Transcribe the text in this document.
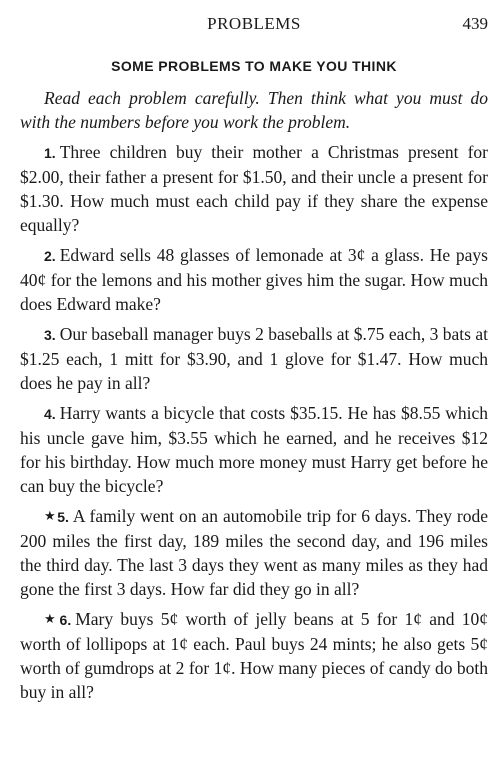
PROBLEMS	439
SOME PROBLEMS TO MAKE YOU THINK

Read each problem carefully. Then think what you must do with the numbers before you work the problem.

1. Three children buy their mother a Christmas present for $2.00, their father a present for $1.50, and their uncle a present for $1.30. How much must each child pay if they share the expense equally?

2. Edward sells 48 glasses of lemonade at 3¢ a glass. He pays 40¢ for the lemons and his mother gives him the sugar. How much does Edward make?

3. Our baseball manager buys 2 baseballs at $.75 each, 3 bats at $1.25 each, 1 mitt for $3.90, and 1 glove for $1.47. How much does he pay in all?

4. Harry wants a bicycle that costs $35.15. He has $8.55 which his uncle gave him, $3.55 which he earned, and he receives $12 for his birthday. How much more money must Harry get before he can buy the bicycle?

★5. A family went on an automobile trip for 6 days. They rode 200 miles the first day, 189 miles the second day, and 196 miles the third day. The last 3 days they went as many miles as they had gone the first 3 days. How far did they go in all?

★6. Mary buys 5¢ worth of jelly beans at 5 for 1¢ and 10¢ worth of lollipops at 1¢ each. Paul buys 24 mints; he also gets 5¢ worth of gumdrops at 2 for 1¢. How many pieces of candy do both buy in all?
